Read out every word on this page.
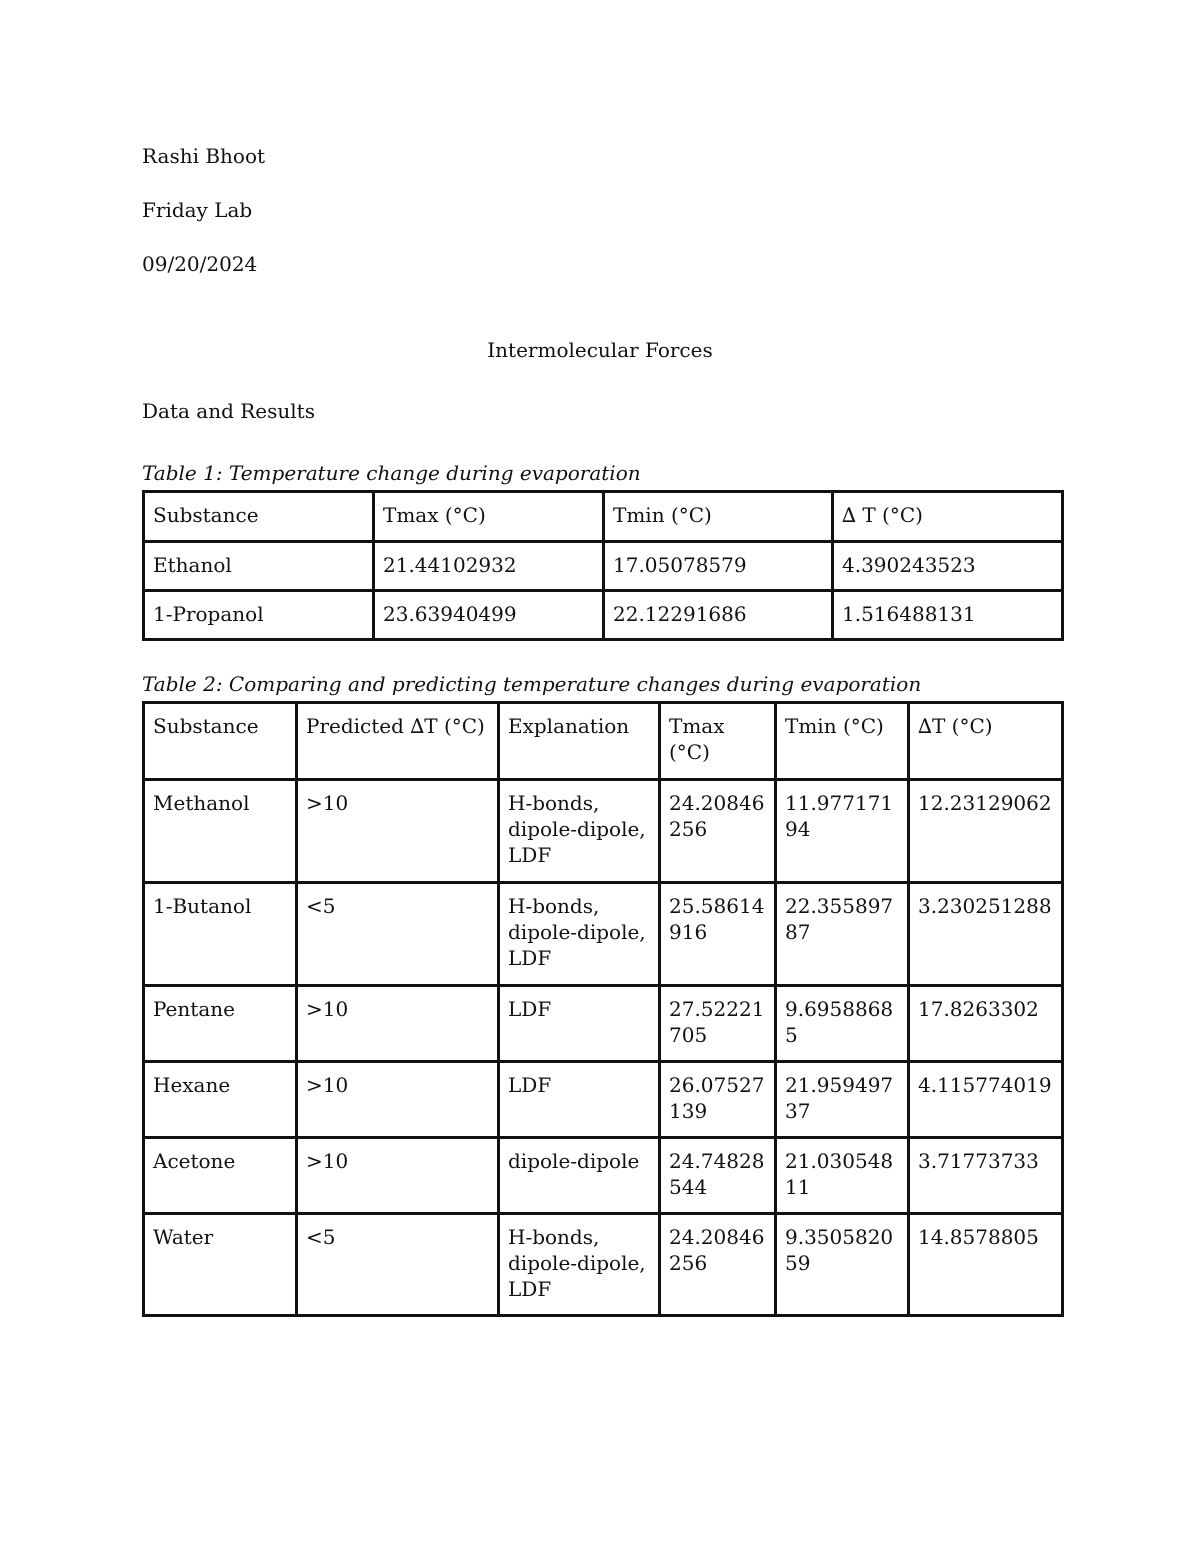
Rashi Bhoot
Friday Lab
09/20/2024
Intermolecular Forces
Data and Results
Table 1: Temperature change during evaporation
Substance	Tmax (°C)	Tmin (°C)	∆ T (°C)
Ethanol	21.44102932	17.05078579	4.390243523
1-Propanol	23.63940499	22.12291686	1.516488131
Table 2: Comparing and predicting temperature changes during evaporation
Substance	Predicted ∆T (°C)	Explanation	Tmax (°C)	Tmin (°C)	∆T (°C)
Methanol	>10	H-bonds, dipole-dipole, LDF	24.20846256	11.97717194	12.23129062
1-Butanol	<5	H-bonds, dipole-dipole, LDF	25.58614916	22.35589787	3.230251288
Pentane	>10	LDF	27.52221705	9.69588685	17.8263302
Hexane	>10	LDF	26.07527139	21.95949737	4.115774019
Acetone	>10	dipole-dipole	24.74828544	21.03054811	3.71773733
Water	<5	H-bonds, dipole-dipole, LDF	24.20846256	9.350582059	14.8578805
